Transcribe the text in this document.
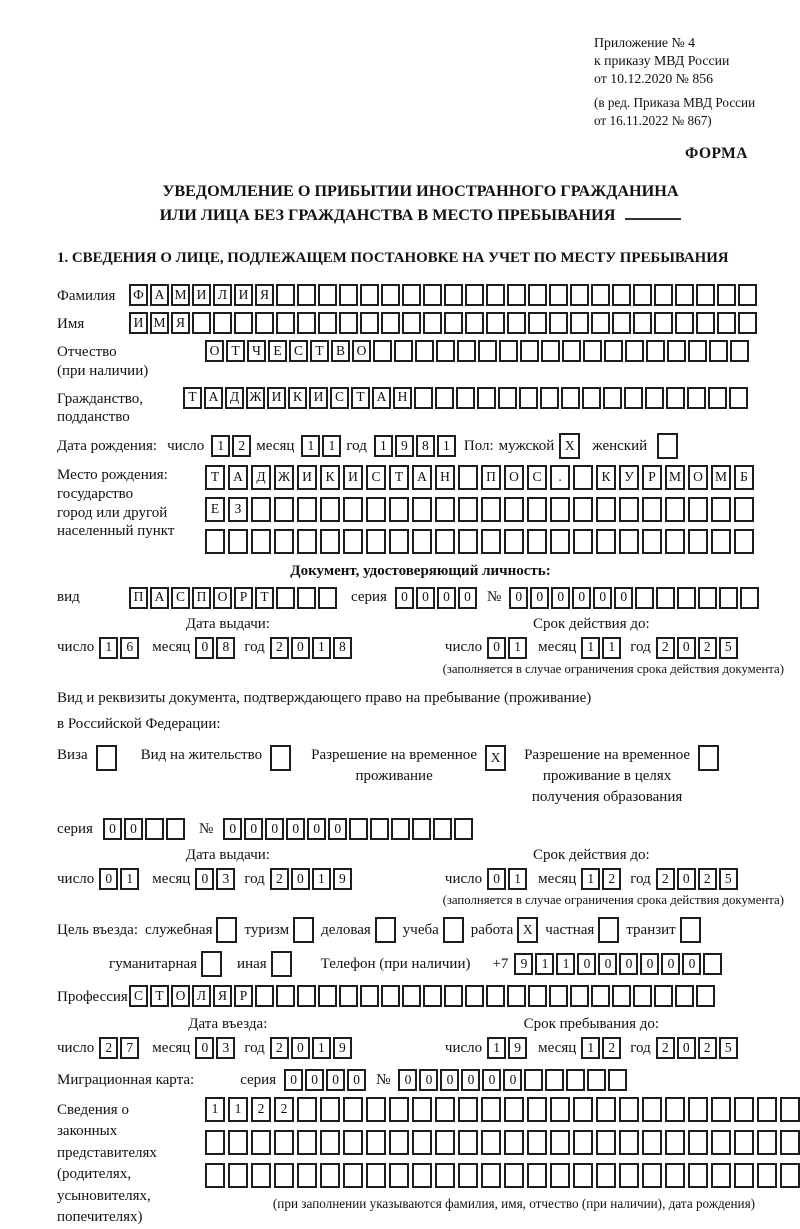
Приложение № 4
к приказу МВД России
от 10.12.2020 № 856
(в ред. Приказа МВД России
от 16.11.2022 № 867)
ФОРМА
УВЕДОМЛЕНИЕ О ПРИБЫТИИ ИНОСТРАННОГО ГРАЖДАНИНА
ИЛИ ЛИЦА БЕЗ ГРАЖДАНСТВА В МЕСТО ПРЕБЫВАНИЯ
1. СВЕДЕНИЯ О ЛИЦЕ, ПОДЛЕЖАЩЕМ ПОСТАНОВКЕ НА УЧЕТ ПО МЕСТУ ПРЕБЫВАНИЯ
Фамилия	Ф А М И Л И Я
Имя	И М Я
Отчество
(при наличии)
О Т Ч Е С Т В О
Гражданство,
подданство
Т А Д Ж И К И С Т А Н
Дата рождения: число 1	2 месяц 1	1 год 1	9	8	1 Пол: мужской X	женский
Место рождения:
государство
город или другой
населенный пункт
Т	А	Д Ж И	К	И	С	Т	А Н	П О	С	.	К	У	Р М О М Б
Е	З
Документ, удостоверяющий личность:
вид	П А С П О Р Т	серия	0	0	0	0	№	0	0	0	0	0	0
Дата выдачи:
число 1	6	месяц 0	8	год 2	0	1	8
Срок действия до:
число 0	1	месяц 1	1	год 2	0	2	5
(заполняется в случае ограничения срока действия документа)
Вид и реквизиты документа, подтверждающего право на пребывание (проживание)
в Российской Федерации:
Виза	Вид на жительство	Разрешение на временное
проживание
X	Разрешение на временное
проживание в целях
получения образования
серия	0	0	№	0	0	0	0	0	0
Дата выдачи:
число 0	1	месяц 0	3	год 2	0	1	9
Срок действия до:
число 0	1	месяц 1	2	год 2	0	2	5
(заполняется в случае ограничения срока действия документа)
Цель въезда: служебная туризм деловая учеба работа X частная транзит
гуманитарная	иная	Телефон (при наличии) +7 9	1	1	0	0	0	0	0	0
Профессия С Т О Л Я Р
Дата въезда:
число 2	7	месяц 0	3	год 2	0	1	9
Срок пребывания до:
число 1	9	месяц 1	2	год 2	0	2	5
Миграционная карта:	серия	0	0	0	0	№	0	0	0	0	0	0
Сведения о
законных
представителях
(родителях,
усыновителях,
попечителях)
1	1	2	2
(при заполнении указываются фамилия, имя, отчество (при наличии), дата рождения)
